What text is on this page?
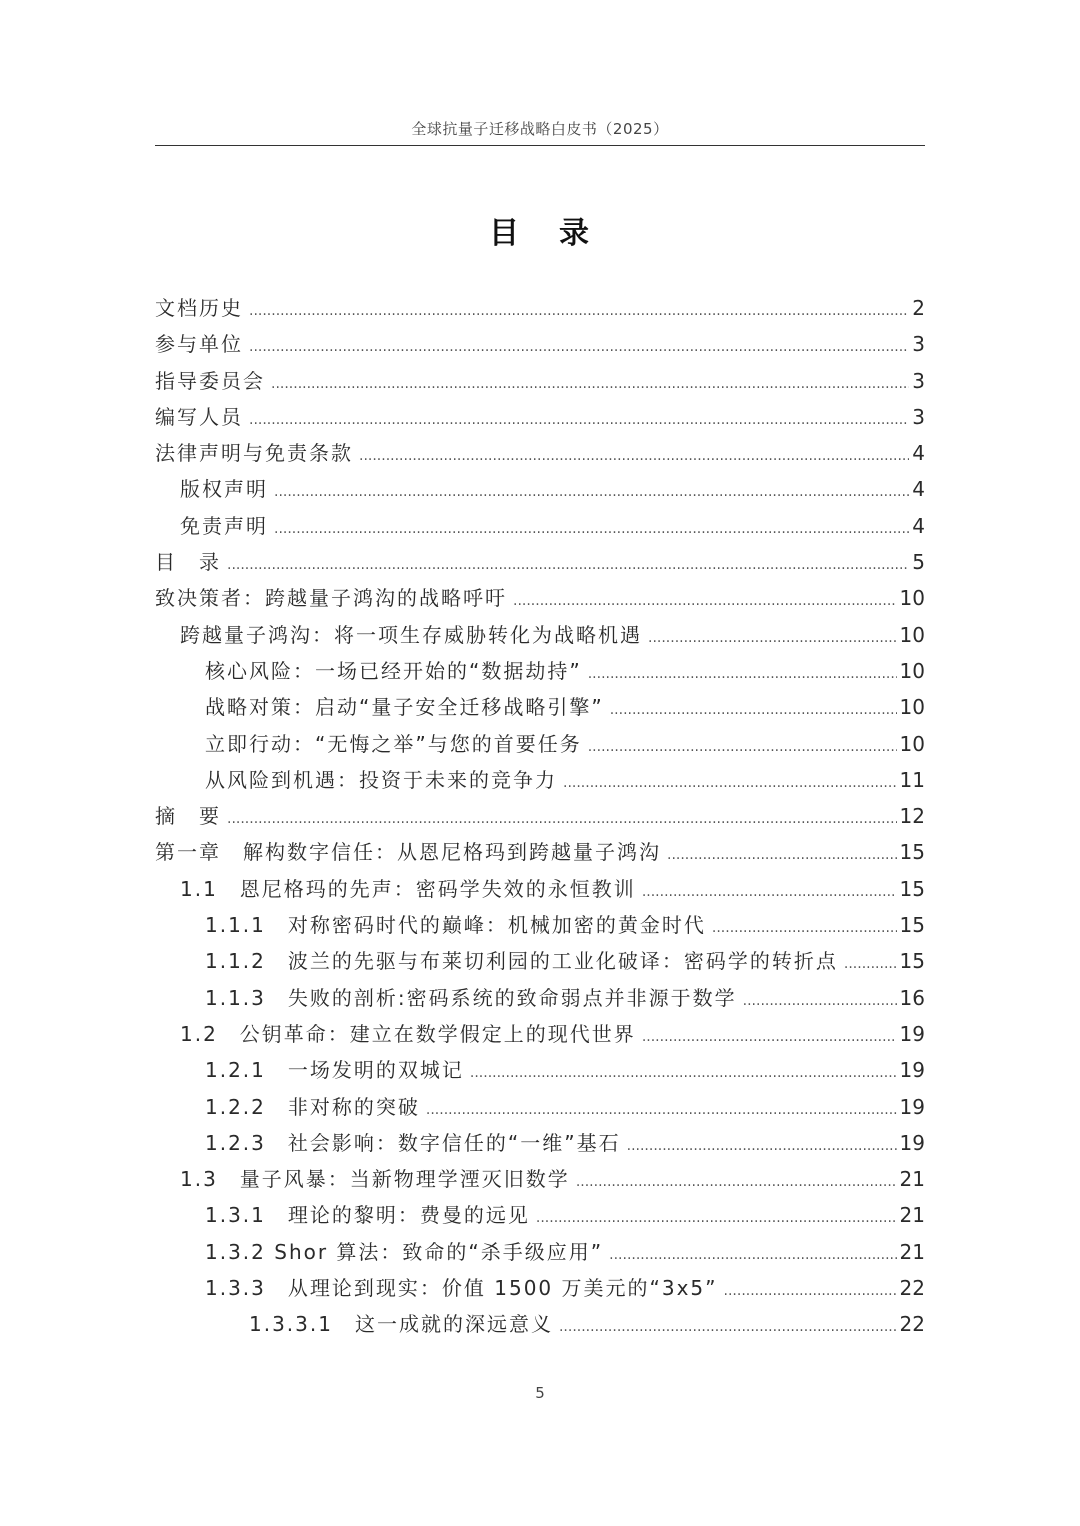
全球抗量子迁移战略白皮书（2025）
目 录
文档历史 .....	2
参与单位 .....	3
指导委员会 .....	3
编写人员 .....	3
法律声明与免责条款 .....	4
版权声明 .....	4
免责声明 .....	4
目　录 .....	5
致决策者：跨越量子鸿沟的战略呼吁 .....	10
跨越量子鸿沟：将一项生存威胁转化为战略机遇 .....	10
核心风险：一场已经开始的“数据劫持” .....	10
战略对策：启动“量子安全迁移战略引擎” .....	10
立即行动：“无悔之举”与您的首要任务 .....	10
从风险到机遇：投资于未来的竞争力 .....	11
摘　要 .....	12
第一章　解构数字信任：从恩尼格玛到跨越量子鸿沟 .....	15
1.1　恩尼格玛的先声：密码学失效的永恒教训 .....	15
1.1.1　对称密码时代的巅峰：机械加密的黄金时代 .....	15
1.1.2　波兰的先驱与布莱切利园的工业化破译：密码学的转折点 .....	15
1.1.3　失败的剖析:密码系统的致命弱点并非源于数学 .....	16
1.2　公钥革命：建立在数学假定上的现代世界 .....	19
1.2.1　一场发明的双城记 .....	19
1.2.2　非对称的突破 .....	19
1.2.3　社会影响：数字信任的“一维”基石 .....	19
1.3　量子风暴：当新物理学湮灭旧数学 .....	21
1.3.1　理论的黎明：费曼的远见 .....	21
1.3.2 Shor 算法：致命的“杀手级应用” .....	21
1.3.3　从理论到现实：价值 1500 万美元的“3x5” .....	22
1.3.3.1　这一成就的深远意义 .....	22
5
